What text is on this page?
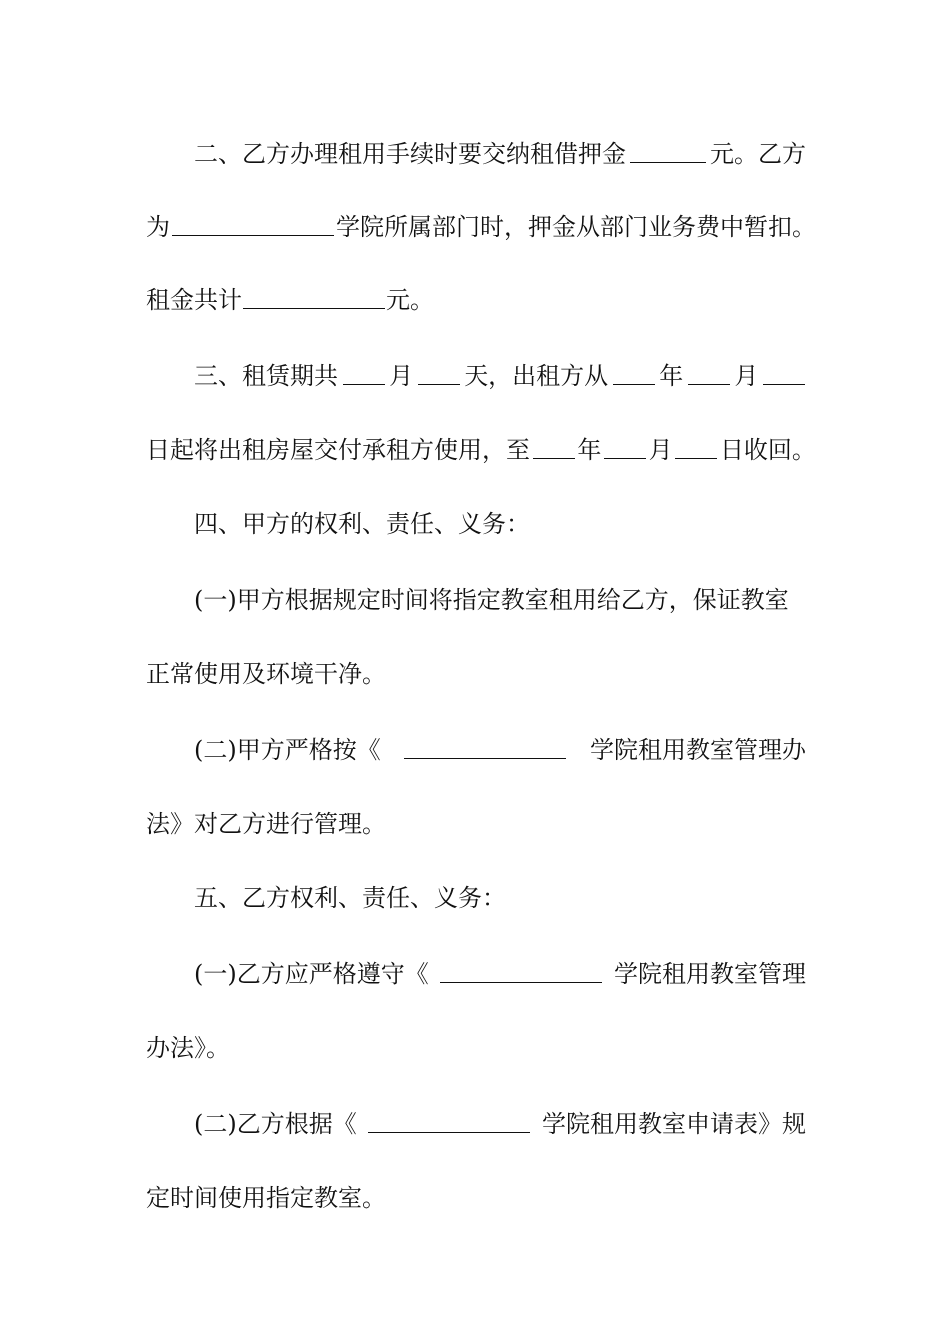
二、乙方办理租用手续时要交纳租借押金	元。乙方
为	学院所属部门时，押金从部门业务费中暂扣。
租金共计	元。
三、租赁期共 月 天，出租方从 年 月
日起将出租房屋交付承租方使用，至 年 月 日收回。
四、甲方的权利、责任、义务：
(一)甲方根据规定时间将指定教室租用给乙方，保证教室
正常使用及环境干净。
(二)甲方严格按《	学院租用教室管理办
法》对乙方进行管理。
五、乙方权利、责任、义务：
(一)乙方应严格遵守《	学院租用教室管理
办法》。
(二)乙方根据《	学院租用教室申请表》规
定时间使用指定教室。
